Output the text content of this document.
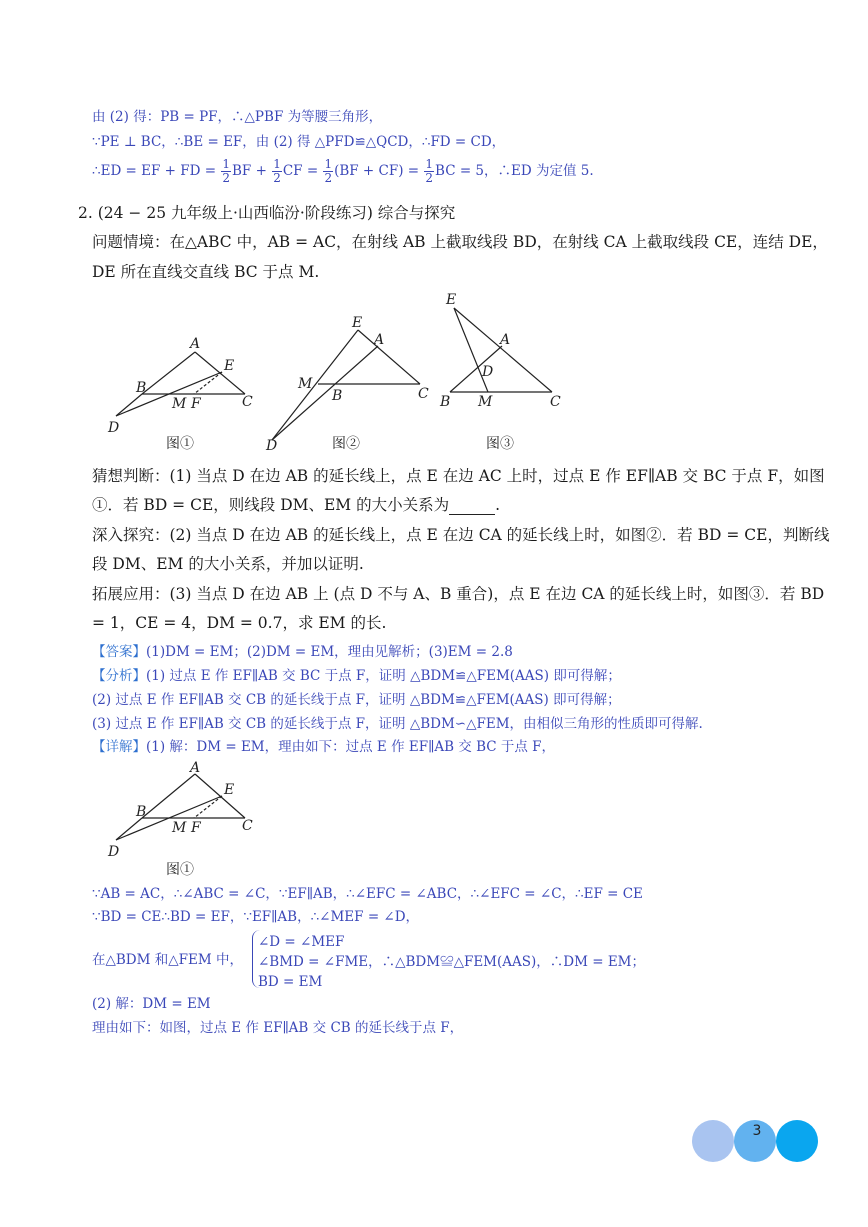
由 (2) 得：PB = PF，∴△PBF 为等腰三角形，
∵PE ⊥ BC，∴BE = EF，由 (2) 得 △PFD≌△QCD，∴FD = CD，
∴ED = EF + FD = $\frac{1}{2}$ BF + $\frac{1}{2}$ CF = $\frac{1}{2} (BF + CF) = \frac{1}{2}$ BC = 5，∴ED 为定值 5.
2. (24 − 25 九年级上·山西临汾·阶段练习) 综合与探究
问题情境：在△ABC 中，AB = AC，在射线 AB 上截取线段 BD，在射线 CA 上截取线段 CE，连结 DE，
DE 所在直线交直线 BC 于点 M.
A
E
B
M F	C
D
图①
E
A
M
B	C
D	图②
E
A
D
B M	C
图③
猜想判断：(1) 当点 D 在边 AB 的延长线上，点 E 在边 AC 上时，过点 E 作 EF∥AB 交 BC 于点 F，如图
①．若 BD = CE，则线段 DM、EM 的大小关系为	.
深入探究：(2) 当点 D 在边 AB 的延长线上，点 E 在边 CA 的延长线上时，如图②．若 BD = CE，判断线
段 DM、EM 的大小关系，并加以证明.
拓展应用：(3) 当点 D 在边 AB 上 (点 D 不与 A、B 重合)，点 E 在边 CA 的延长线上时，如图③．若 BD
= 1，CE = 4，DM = 0.7，求 EM 的长.
【答案】(1)DM = EM；(2)DM = EM，理由见解析；(3)EM = 2.8
【分析】(1) 过点 E 作 EF∥AB 交 BC 于点 F，证明 △BDM≌△FEM(AAS) 即可得解；
(2) 过点 E 作 EF∥AB 交 CB 的延长线于点 F，证明 △BDM≌△FEM(AAS) 即可得解；
(3) 过点 E 作 EF∥AB 交 CB 的延长线于点 F，证明 △BDM∽△FEM，由相似三角形的性质即可得解.
【详解】(1) 解：DM = EM，理由如下：过点 E 作 EF∥AB 交 BC 于点 F，
A
E
B
M F	C
D
图①
∵AB = AC，∴∠ABC = ∠C，∵EF∥AB，∴∠EFC = ∠ABC，∴∠EFC = ∠C，∴EF = CE
∵BD = CE∴BD = EF，∵EF∥AB，∴∠MEF = ∠D，
在△BDM 和△FEM 中，
∠D = ∠MEF
∠BMD = ∠FME，∴△BDM≌△FEM(AAS)，∴DM = EM；
BD = EM
(2) 解：DM = EM
理由如下：如图，过点 E 作 EF∥AB 交 CB 的延长线于点 F，
3
